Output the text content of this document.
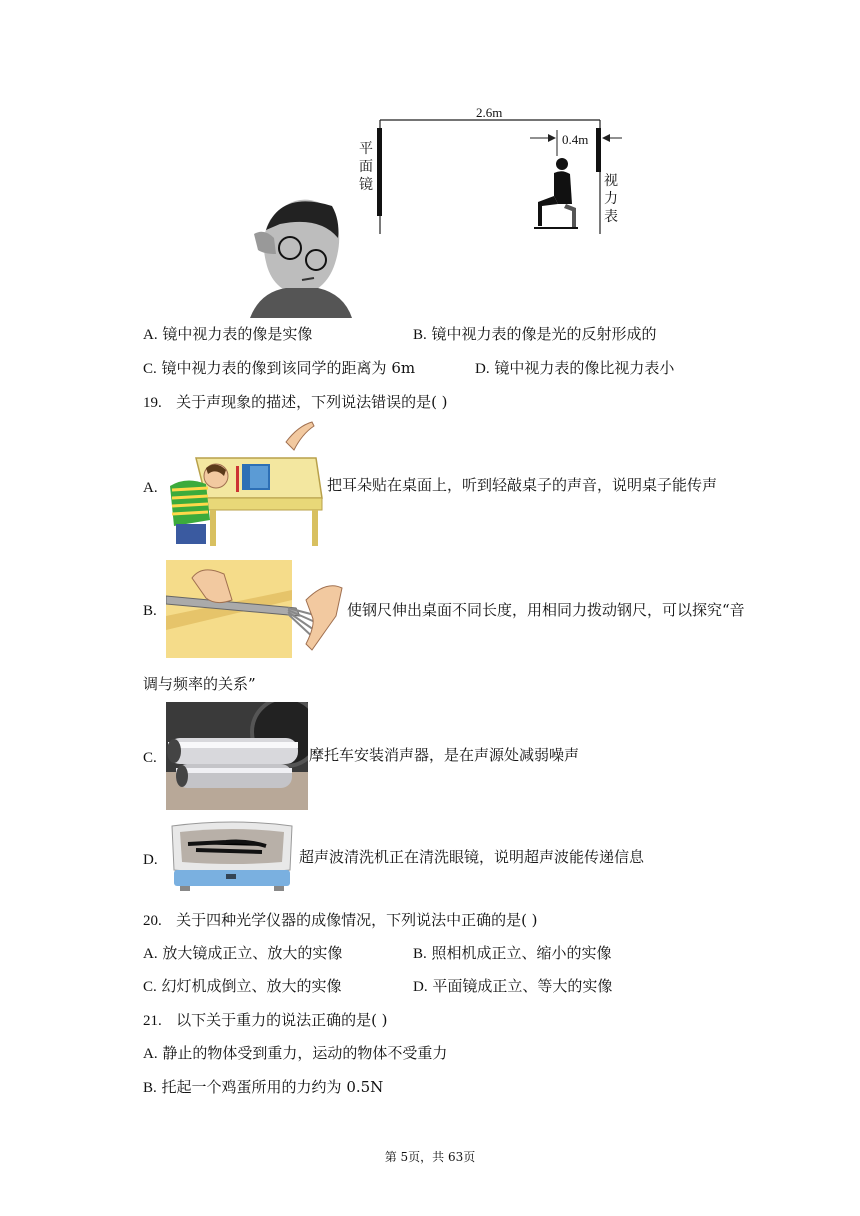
2.6m
0.4m
平
面
镜	视
力
表
A. 镜中视力表的像是实像	B. 镜中视力表的像是光的反射形成的
C. 镜中视力表的像到该同学的距离为 6m	D. 镜中视力表的像比视力表小
19. 关于声现象的描述，下列说法错误的是( )
A.	把耳朵贴在桌面上，听到轻敲桌子的声音，说明桌子能传声
B.	使钢尺伸出桌面不同长度，用相同力拨动钢尺，可以探究“音
调与频率的关系”
C.	摩托车安装消声器，是在声源处减弱噪声
D.	超声波清洗机正在清洗眼镜，说明超声波能传递信息
20. 关于四种光学仪器的成像情况，下列说法中正确的是( )
A. 放大镜成正立、放大的实像	B. 照相机成正立、缩小的实像
C. 幻灯机成倒立、放大的实像	D. 平面镜成正立、等大的实像
21. 以下关于重力的说法正确的是( )
A. 静止的物体受到重力，运动的物体不受重力
B. 托起一个鸡蛋所用的力约为 0.5N
第 5页，共 63页
